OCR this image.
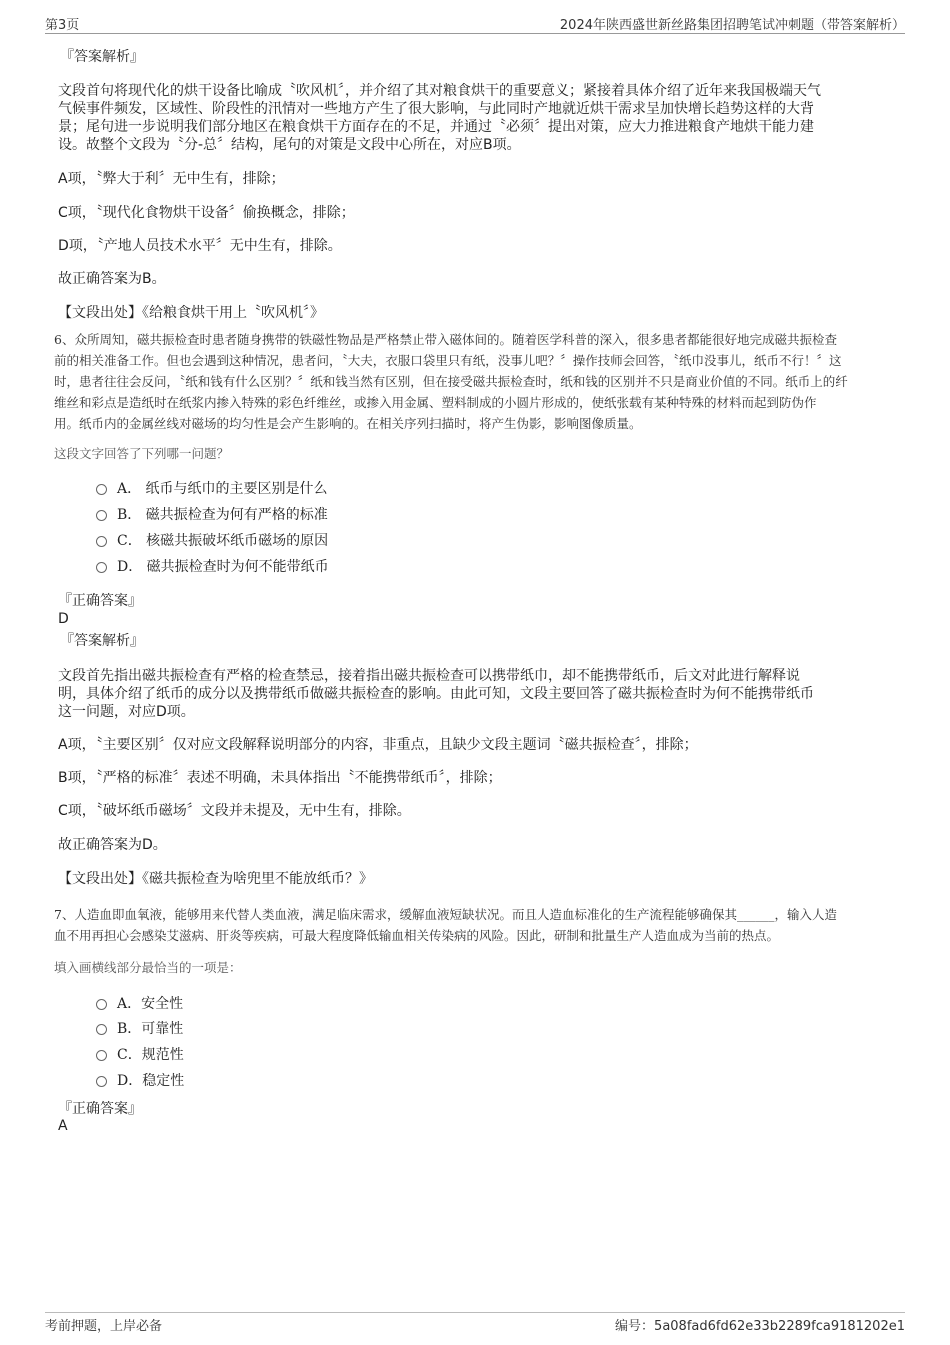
第3页	2024年陕西盛世新丝路集团招聘笔试冲刺题（带答案解析）
『答案解析』
文段首句将现代化的烘干设备比喻成〝吹风机〞，并介绍了其对粮食烘干的重要意义；紧接着具体介绍了近年来我国极端天气
气候事件频发，区域性、阶段性的汛情对一些地方产生了很大影响，与此同时产地就近烘干需求呈加快增长趋势这样的大背
景；尾句进一步说明我们部分地区在粮食烘干方面存在的不足，并通过〝必须〞提出对策，应大力推进粮食产地烘干能力建
设。故整个文段为〝分-总〞结构，尾句的对策是文段中心所在，对应B项。
A项，〝弊大于利〞无中生有，排除；
C项，〝现代化食物烘干设备〞偷换概念，排除；
D项，〝产地人员技术水平〞无中生有，排除。
故正确答案为B。
【文段出处】《给粮食烘干用上〝吹风机〞》
6、众所周知，磁共振检查时患者随身携带的铁磁性物品是严格禁止带入磁体间的。随着医学科普的深入，很多患者都能很好地完成磁共振检查
前的相关准备工作。但也会遇到这种情况，患者问，〝大夫，衣服口袋里只有纸，没事儿吧？〞操作技师会回答，〝纸巾没事儿，纸币不行！〞这
时，患者往往会反问，〝纸和钱有什么区别？〞纸和钱当然有区别，但在接受磁共振检查时，纸和钱的区别并不只是商业价值的不同。纸币上的纤
维丝和彩点是造纸时在纸浆内掺入特殊的彩色纤维丝，或掺入用金属、塑料制成的小圆片形成的，使纸张载有某种特殊的材料而起到防伪作
用。纸币内的金属丝线对磁场的均匀性是会产生影响的。在相关序列扫描时，将产生伪影，影响图像质量。
这段文字回答了下列哪一问题？
A． 纸币与纸巾的主要区别是什么
B． 磁共振检查为何有严格的标准
C． 核磁共振破坏纸币磁场的原因
D． 磁共振检查时为何不能带纸币
『正确答案』
D
『答案解析』
文段首先指出磁共振检查有严格的检查禁忌，接着指出磁共振检查可以携带纸巾，却不能携带纸币，后文对此进行解释说
明，具体介绍了纸币的成分以及携带纸币做磁共振检查的影响。由此可知，文段主要回答了磁共振检查时为何不能携带纸币
这一问题，对应D项。
A项，〝主要区别〞仅对应文段解释说明部分的内容，非重点，且缺少文段主题词〝磁共振检查〞，排除；
B项，〝严格的标准〞表述不明确，未具体指出〝不能携带纸币〞，排除；
C项，〝破坏纸币磁场〞文段并未提及，无中生有，排除。
故正确答案为D。
【文段出处】《磁共振检查为啥兜里不能放纸币？》
7、人造血即血氧液，能够用来代替人类血液，满足临床需求，缓解血液短缺状况。而且人造血标准化的生产流程能够确保其______，输入人造
血不用再担心会感染艾滋病、肝炎等疾病，可最大程度降低输血相关传染病的风险。因此，研制和批量生产人造血成为当前的热点。
填入画横线部分最恰当的一项是：
A．安全性
B．可靠性
C．规范性
D．稳定性
『正确答案』
A
考前押题，上岸必备	编号：5a08fad6fd62e33b2289fca9181202e1
